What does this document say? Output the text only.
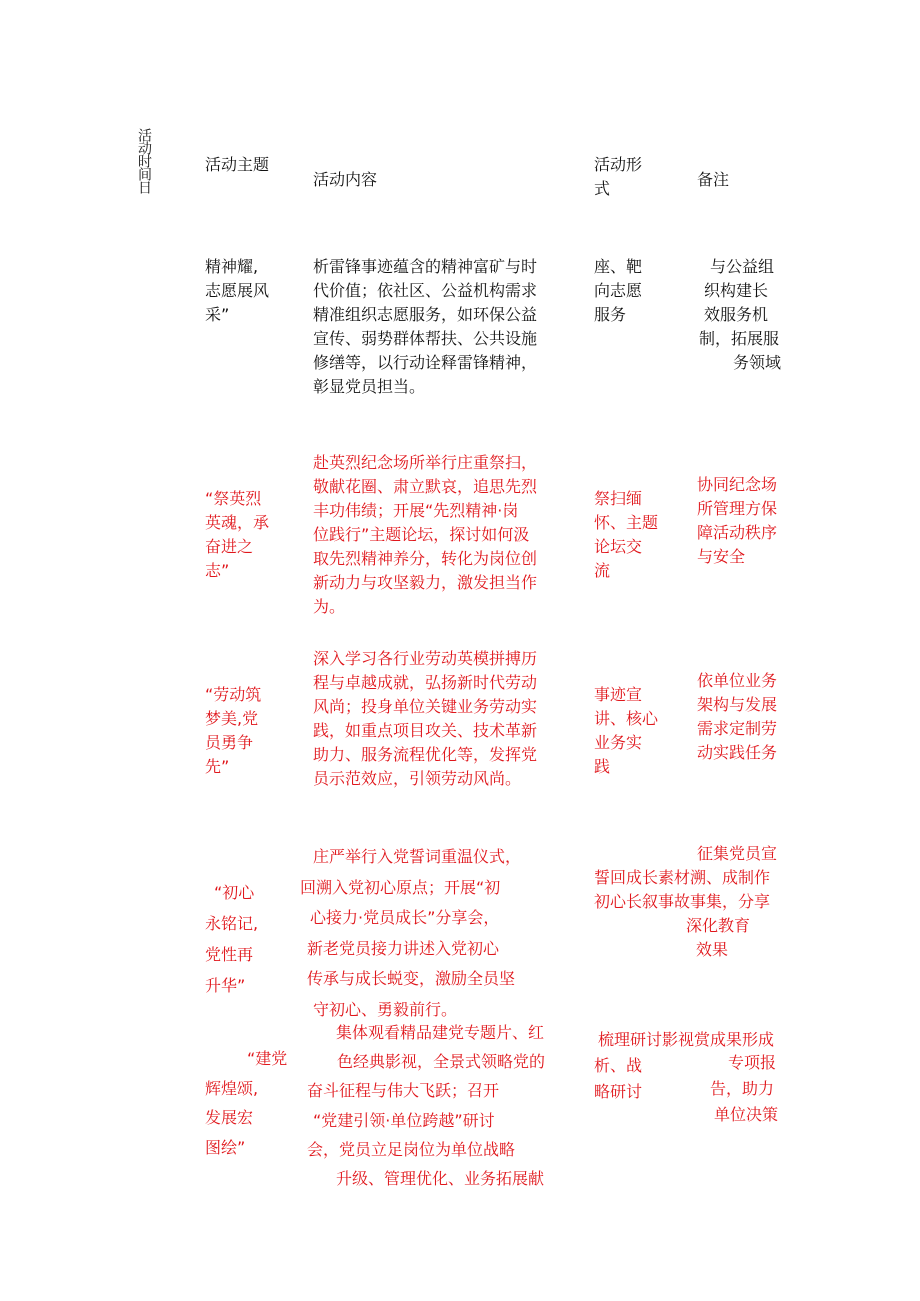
活动时间日
活动主题
活动内容
活动形
式	备注
精神耀,
志愿展风
采”
析雷锋事迹蕴含的精神富矿与时
代价值；依社区、公益机构需求
精准组织志愿服务，如环保公益
宣传、弱势群体帮扶、公共设施
修缮等，以行动诠释雷锋精神，
彰显党员担当。
座、靶
向志愿
服务
与公益组
织构建长
效服务机
制，拓展服
务领域
“祭英烈
英魂，承
奋进之
志”
赴英烈纪念场所举行庄重祭扫，
敬献花圈、肃立默哀，追思先烈
丰功伟绩；开展“先烈精神·岗
位践行”主题论坛，探讨如何汲
取先烈精神养分，转化为岗位创
新动力与攻坚毅力，激发担当作
为。
祭扫缅
怀、主题
论坛交
流
协同纪念场
所管理方保
障活动秩序
与安全
“劳动筑
梦美,党
员勇争
先”
深入学习各行业劳动英模拼搏历
程与卓越成就，弘扬新时代劳动
风尚；投身单位关键业务劳动实
践，如重点项目攻关、技术革新
助力、服务流程优化等，发挥党
员示范效应，引领劳动风尚。
事迹宣
讲、核心
业务实
践
依单位业务
架构与发展
需求定制劳
动实践任务
“初心
永铭记,
党性再
升华”
庄严举行入党誓词重温仪式，
回溯入党初心原点；开展“初
心接力·党员成长”分享会，
新老党员接力讲述入党初心
传承与成长蜕变，激励全员坚
守初心、勇毅前行。
征集党员宣
誓回成长素材溯、成制作
初心长叙事故事集，分享
深化教育
效果
“建党
辉煌颂,
发展宏
图绘”
集体观看精品建党专题片、红
色经典影视，全景式领略党的
奋斗征程与伟大飞跃；召开
“党建引领·单位跨越”研讨
会，党员立足岗位为单位战略
升级、管理优化、业务拓展献
梳理研讨影视赏成果形成
析、战
略研讨
专项报
告，助力
单位决策
